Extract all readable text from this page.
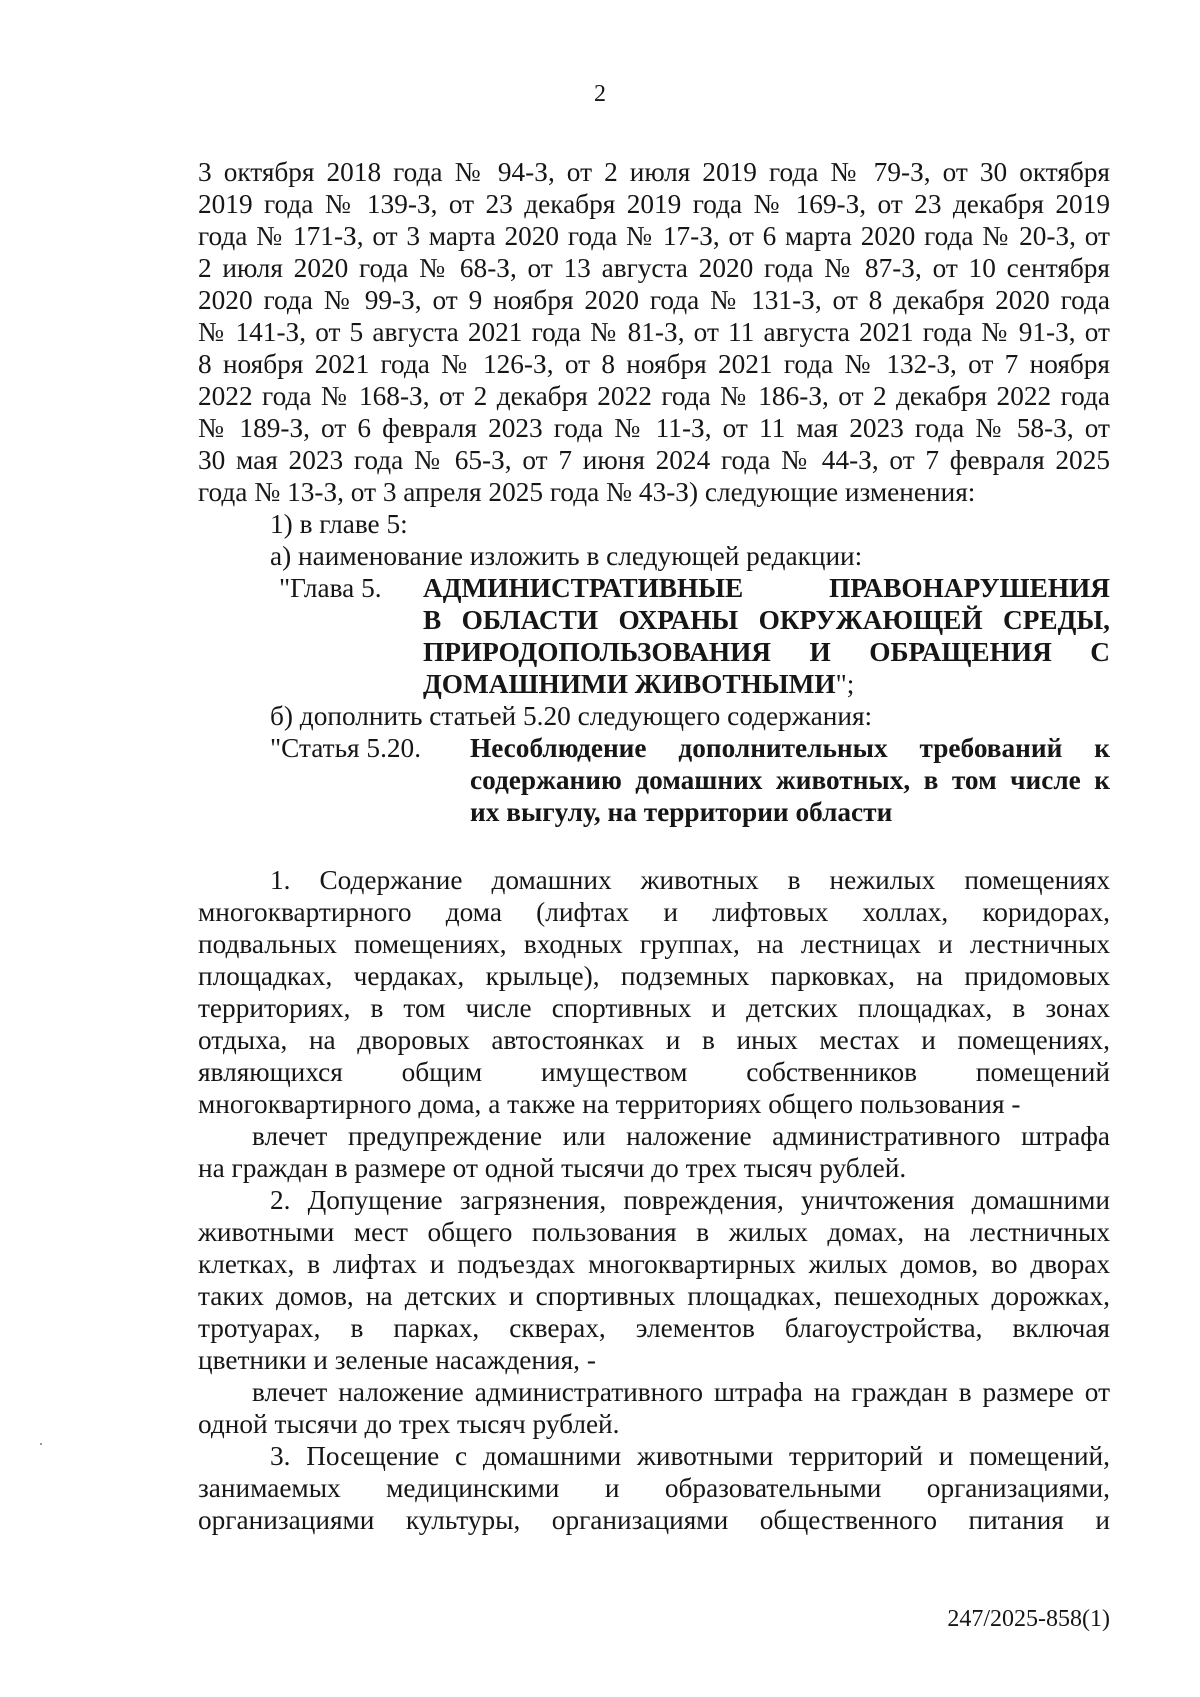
2
3 октября 2018 года № 94-З, от 2 июля 2019 года № 79-З, от 30 октября
2019 года № 139-З, от 23 декабря 2019 года № 169-З, от 23 декабря 2019
года № 171-З, от 3 марта 2020 года № 17-З, от 6 марта 2020 года № 20-З, от
2 июля 2020 года № 68-З, от 13 августа 2020 года № 87-З, от 10 сентября
2020 года № 99-З, от 9 ноября 2020 года № 131-З, от 8 декабря 2020 года
№ 141-З, от 5 августа 2021 года № 81-З, от 11 августа 2021 года № 91-З, от
8 ноября 2021 года № 126-З, от 8 ноября 2021 года № 132-З, от 7 ноября
2022 года № 168-З, от 2 декабря 2022 года № 186-З, от 2 декабря 2022 года
№ 189-З, от 6 февраля 2023 года № 11-З, от 11 мая 2023 года № 58-З, от
30 мая 2023 года № 65-З, от 7 июня 2024 года № 44-З, от 7 февраля 2025
года № 13-З, от 3 апреля 2025 года № 43-З) следующие изменения:
1) в главе 5:
а) наименование изложить в следующей редакции:
"Глава 5.	АДМИНИСТРАТИВНЫЕ ПРАВОНАРУШЕНИЯ
В ОБЛАСТИ ОХРАНЫ ОКРУЖАЮЩЕЙ СРЕДЫ,
ПРИРОДОПОЛЬЗОВАНИЯ И ОБРАЩЕНИЯ С
ДОМАШНИМИ ЖИВОТНЫМИ";
б) дополнить статьей 5.20 следующего содержания:
"Статья 5.20.	Несоблюдение дополнительных требований к
содержанию домашних животных, в том числе к
их выгулу, на территории области
1. Содержание домашних животных в нежилых помещениях
многоквартирного дома (лифтах и лифтовых холлах, коридорах,
подвальных помещениях, входных группах, на лестницах и лестничных
площадках, чердаках, крыльце), подземных парковках, на придомовых
территориях, в том числе спортивных и детских площадках, в зонах
отдыха, на дворовых автостоянках и в иных местах и помещениях,
являющихся общим имуществом собственников помещений
многоквартирного дома, а также на территориях общего пользования -
влечет предупреждение или наложение административного штрафа
на граждан в размере от одной тысячи до трех тысяч рублей.
2. Допущение загрязнения, повреждения, уничтожения домашними
животными мест общего пользования в жилых домах, на лестничных
клетках, в лифтах и подъездах многоквартирных жилых домов, во дворах
таких домов, на детских и спортивных площадках, пешеходных дорожках,
тротуарах, в парках, скверах, элементов благоустройства, включая
цветники и зеленые насаждения, -
влечет наложение административного штрафа на граждан в размере от
одной тысячи до трех тысяч рублей.
3. Посещение с домашними животными территорий и помещений,
занимаемых медицинскими и образовательными организациями,
организациями культуры, организациями общественного питания и
247/2025-858(1)
